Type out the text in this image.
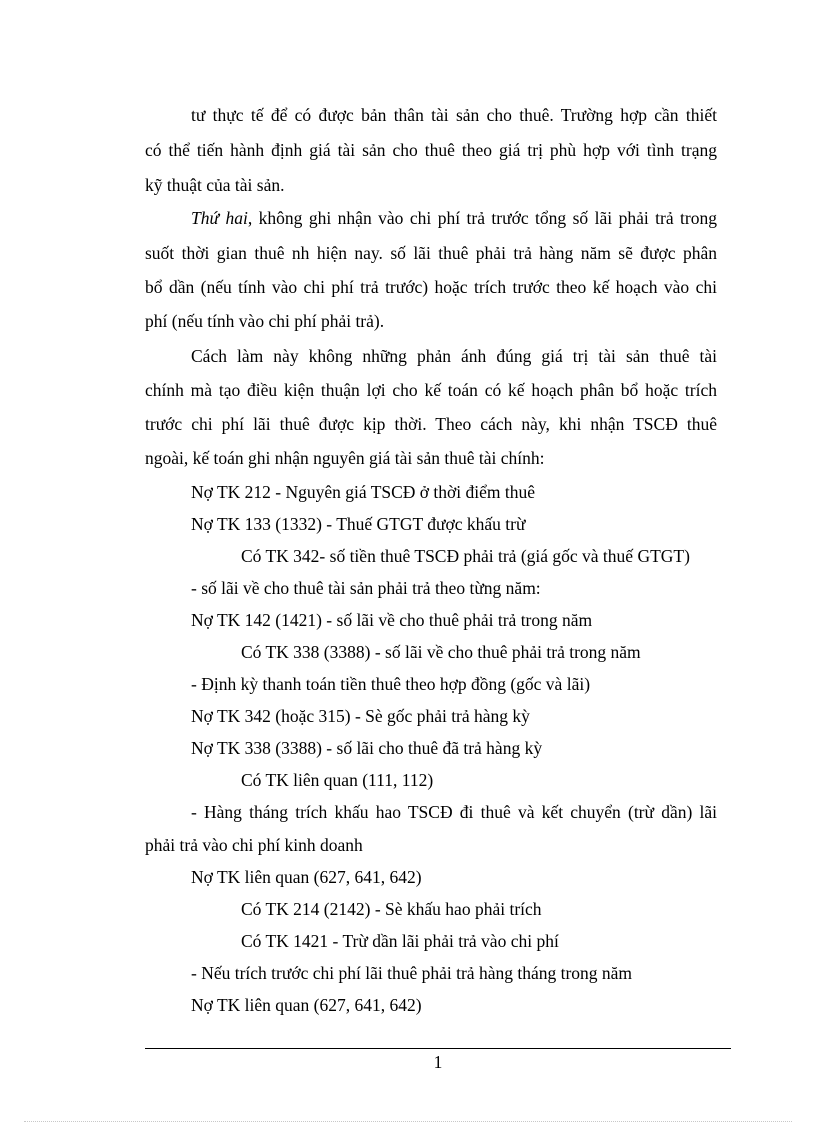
tư thực tế để có được bản thân tài sản cho thuê. Trường hợp cần thiết
có thể tiến hành định giá tài sản cho thuê theo giá trị phù hợp với tình trạng
kỹ thuật của tài sản.
Thứ hai, không ghi nhận vào chi phí trả trước tổng số lãi phải trả trong
suốt thời gian thuê nh hiện nay. số lãi thuê phải trả hàng năm sẽ được phân
bổ dần (nếu tính vào chi phí trả trước) hoặc trích trước theo kế hoạch vào chi
phí (nếu tính vào chi phí phải trả).
Cách làm này không những phản ánh đúng giá trị tài sản thuê tài
chính mà tạo điều kiện thuận lợi cho kế toán có kế hoạch phân bổ hoặc trích
trước chi phí lãi thuê được kịp thời. Theo cách này, khi nhận TSCĐ thuê
ngoài, kế toán ghi nhận nguyên giá tài sản thuê tài chính:
Nợ TK 212 - Nguyên giá TSCĐ ở thời điểm thuê
Nợ TK 133 (1332) - Thuế GTGT được khấu trừ
Có TK 342- số tiền thuê TSCĐ phải trả (giá gốc và thuế GTGT)
- số lãi về cho thuê tài sản phải trả theo từng năm:
Nợ TK 142 (1421) - số lãi về cho thuê phải trả trong năm
Có TK 338 (3388) - số lãi về cho thuê phải trả trong năm
- Định kỳ thanh toán tiền thuê theo hợp đồng (gốc và lãi)
Nợ TK 342 (hoặc 315) - Sè gốc phải trả hàng kỳ
Nợ TK 338 (3388) - số lãi cho thuê đã trả hàng kỳ
Có TK liên quan (111, 112)
- Hàng tháng trích khấu hao TSCĐ đi thuê và kết chuyển (trừ dần) lãi
phải trả vào chi phí kinh doanh
Nợ TK liên quan (627, 641, 642)
Có TK 214 (2142) - Sè khấu hao phải trích
Có TK 1421 - Trừ dần lãi phải trả vào chi phí
- Nếu trích trước chi phí lãi thuê phải trả hàng tháng trong năm
Nợ TK liên quan (627, 641, 642)
1
